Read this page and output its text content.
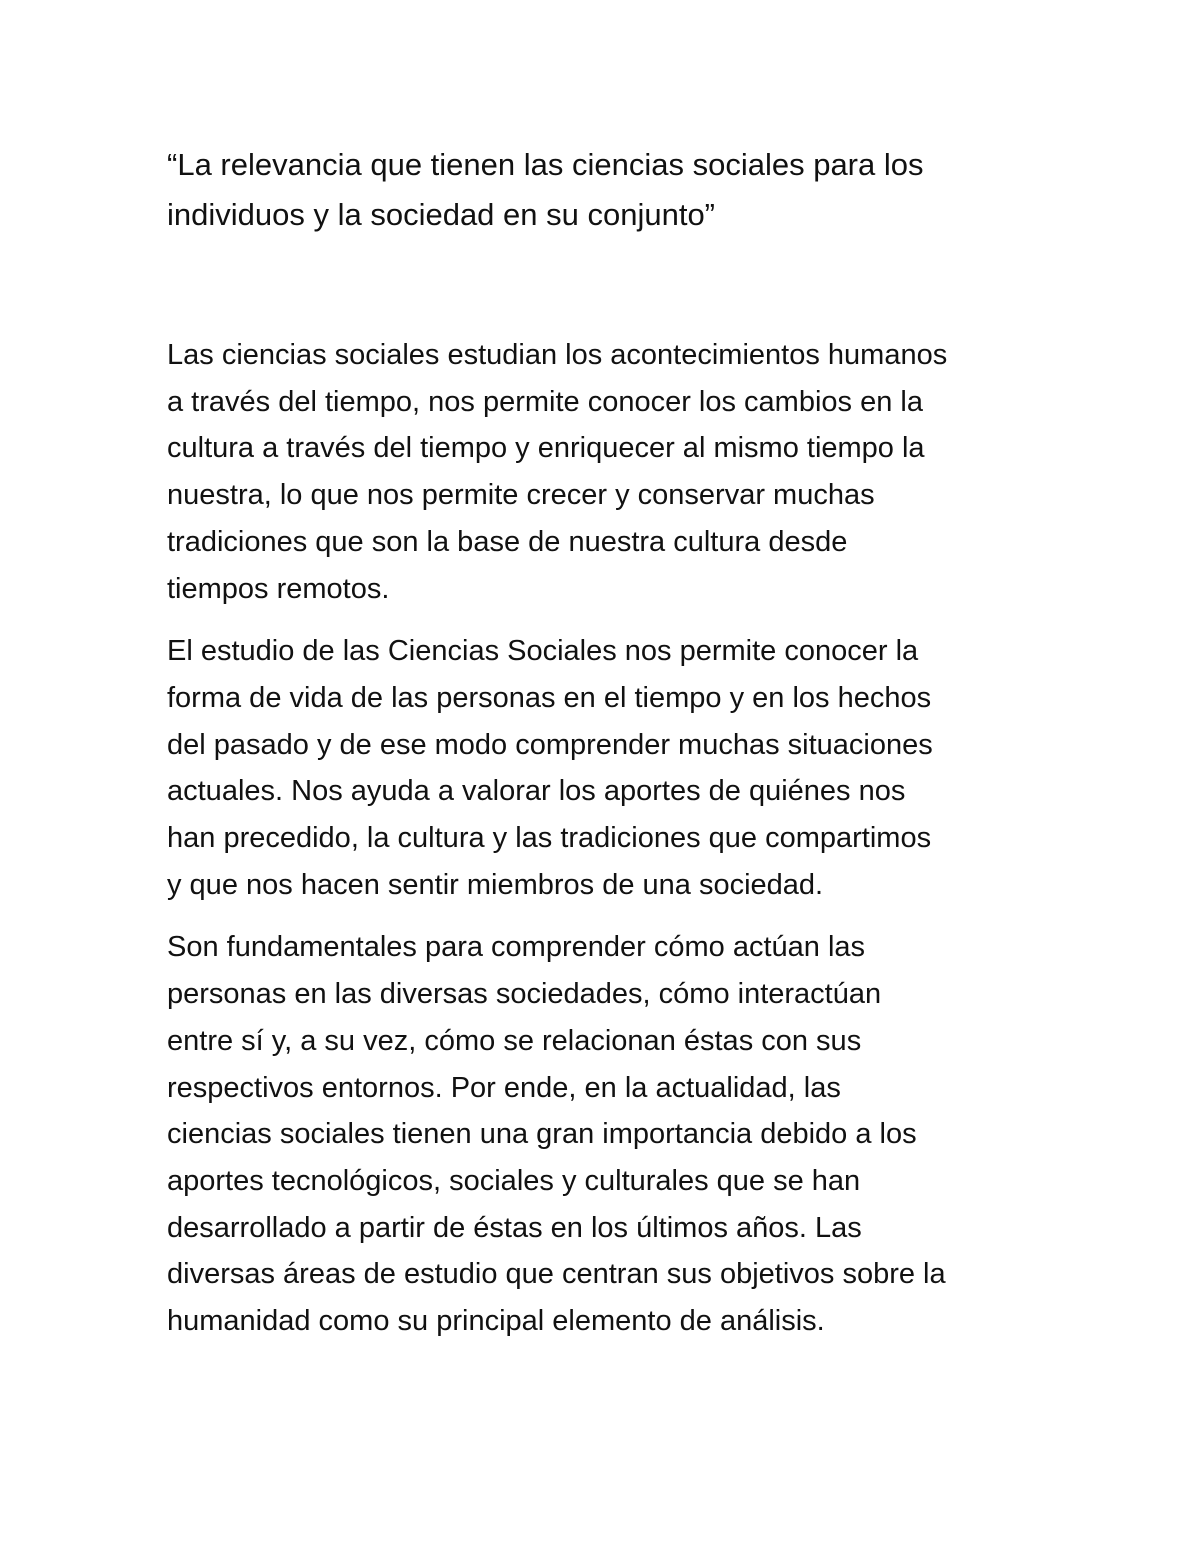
“La relevancia que tienen las ciencias sociales para los
individuos y la sociedad en su conjunto”

Las ciencias sociales estudian los acontecimientos humanos
a través del tiempo, nos permite conocer los cambios en la
cultura a través del tiempo y enriquecer al mismo tiempo la
nuestra, lo que nos permite crecer y conservar muchas
tradiciones que son la base de nuestra cultura desde
tiempos remotos.

El estudio de las Ciencias Sociales nos permite conocer la
forma de vida de las personas en el tiempo y en los hechos
del pasado y de ese modo comprender muchas situaciones
actuales. Nos ayuda a valorar los aportes de quiénes nos
han precedido, la cultura y las tradiciones que compartimos
y que nos hacen sentir miembros de una sociedad.

Son fundamentales para comprender cómo actúan las
personas en las diversas sociedades, cómo interactúan
entre sí y, a su vez, cómo se relacionan éstas con sus
respectivos entornos. Por ende, en la actualidad, las
ciencias sociales tienen una gran importancia debido a los
aportes tecnológicos, sociales y culturales que se han
desarrollado a partir de éstas en los últimos años. Las
diversas áreas de estudio que centran sus objetivos sobre la
humanidad como su principal elemento de análisis.
